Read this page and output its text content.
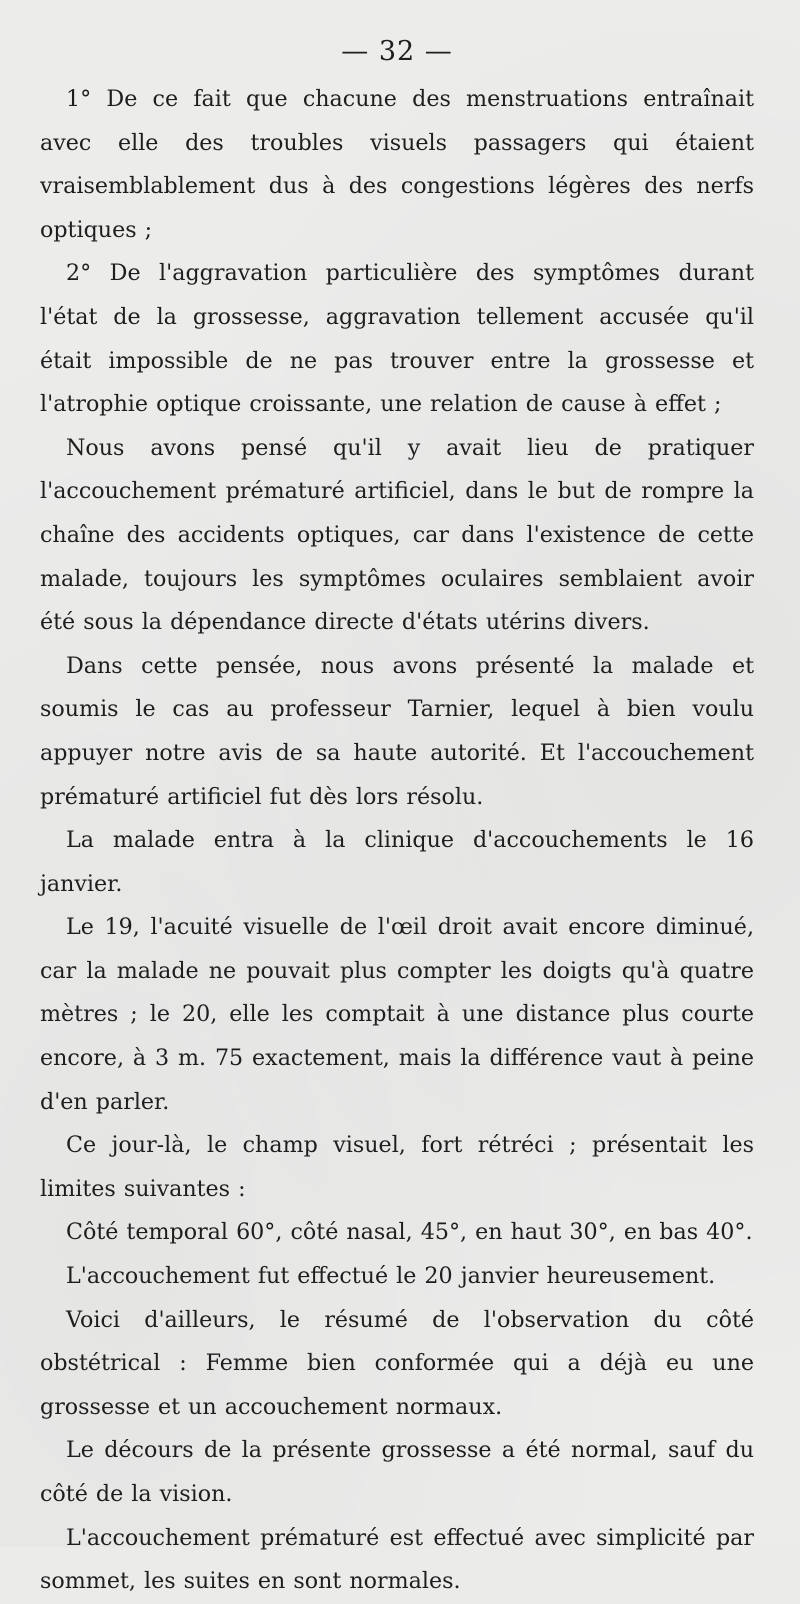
— 32 —

1° De ce fait que chacune des menstruations entraînait avec elle des troubles visuels passagers qui étaient vraisemblablement dus à des congestions légères des nerfs optiques ;

2° De l'aggravation particulière des symptômes durant l'état de la grossesse, aggravation tellement accusée qu'il était impossible de ne pas trouver entre la grossesse et l'atrophie optique croissante, une relation de cause à effet ;

Nous avons pensé qu'il y avait lieu de pratiquer l'accouchement prématuré artificiel, dans le but de rompre la chaîne des accidents optiques, car dans l'existence de cette malade, toujours les symptômes oculaires semblaient avoir été sous la dépendance directe d'états utérins divers.

Dans cette pensée, nous avons présenté la malade et soumis le cas au professeur Tarnier, lequel à bien voulu appuyer notre avis de sa haute autorité. Et l'accouchement prématuré artificiel fut dès lors résolu.

La malade entra à la clinique d'accouchements le 16 janvier.

Le 19, l'acuité visuelle de l'œil droit avait encore diminué, car la malade ne pouvait plus compter les doigts qu'à quatre mètres ; le 20, elle les comptait à une distance plus courte encore, à 3 m. 75 exactement, mais la différence vaut à peine d'en parler.

Ce jour-là, le champ visuel, fort rétréci ; présentait les limites suivantes :

Côté temporal 60°, côté nasal, 45°, en haut 30°, en bas 40°.

L'accouchement fut effectué le 20 janvier heureusement.

Voici d'ailleurs, le résumé de l'observation du côté obstétrical : Femme bien conformée qui a déjà eu une grossesse et un accouchement normaux.

Le décours de la présente grossesse a été normal, sauf du côté de la vision.

L'accouchement prématuré est effectué avec simplicité par sommet, les suites en sont normales.
